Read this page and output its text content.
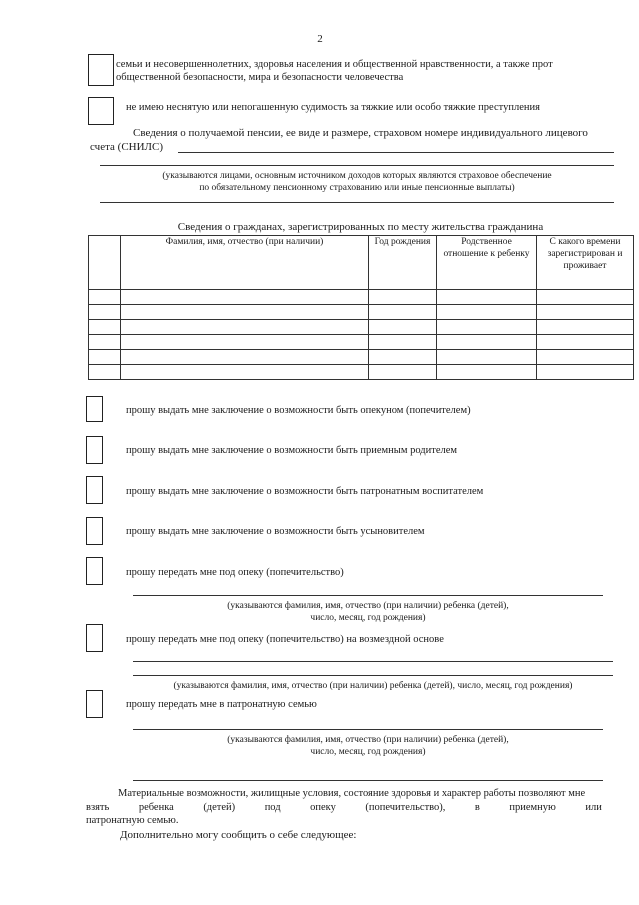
2
семьи и несовершеннолетних, здоровья населения и общественной нравственности, а также прот
общественной безопасности, мира и безопасности человечества
не имею неснятую или непогашенную судимость за тяжкие или особо тяжкие преступления
Сведения о получаемой пенсии, ее виде и размере, страховом номере индивидуального лицевого
счета (СНИЛС)
(указываются лицами, основным источником доходов которых являются страховое обеспечение
по обязательному пенсионному страхованию или иные пенсионные выплаты)
Сведения о гражданах, зарегистрированных по месту жительства гражданина
	Фамилия, имя, отчество (при наличии)	Год рождения	Родственное отношение к ребенку	С какого времени зарегистрирован и проживает

прошу выдать мне заключение о возможности быть опекуном (попечителем)
прошу выдать мне заключение о возможности быть приемным родителем
прошу выдать мне заключение о возможности быть патронатным воспитателем
прошу выдать мне заключение о возможности быть усыновителем
прошу передать мне под опеку (попечительство)
(указываются фамилия, имя, отчество (при наличии) ребенка (детей),
число, месяц, год рождения)
прошу передать мне под опеку (попечительство) на возмездной основе
(указываются фамилия, имя, отчество (при наличии) ребенка (детей), число, месяц, год рождения)
прошу передать мне в патронатную семью
(указываются фамилия, имя, отчество (при наличии) ребенка (детей),
число, месяц, год рождения)
Материальные возможности, жилищные условия, состояние здоровья и характер работы позволяют мне
взять	ребенка	(детей)	под	опеку	(попечительство),	в	приемную	или
патронатную семью.
Дополнительно могу сообщить о себе следующее:
